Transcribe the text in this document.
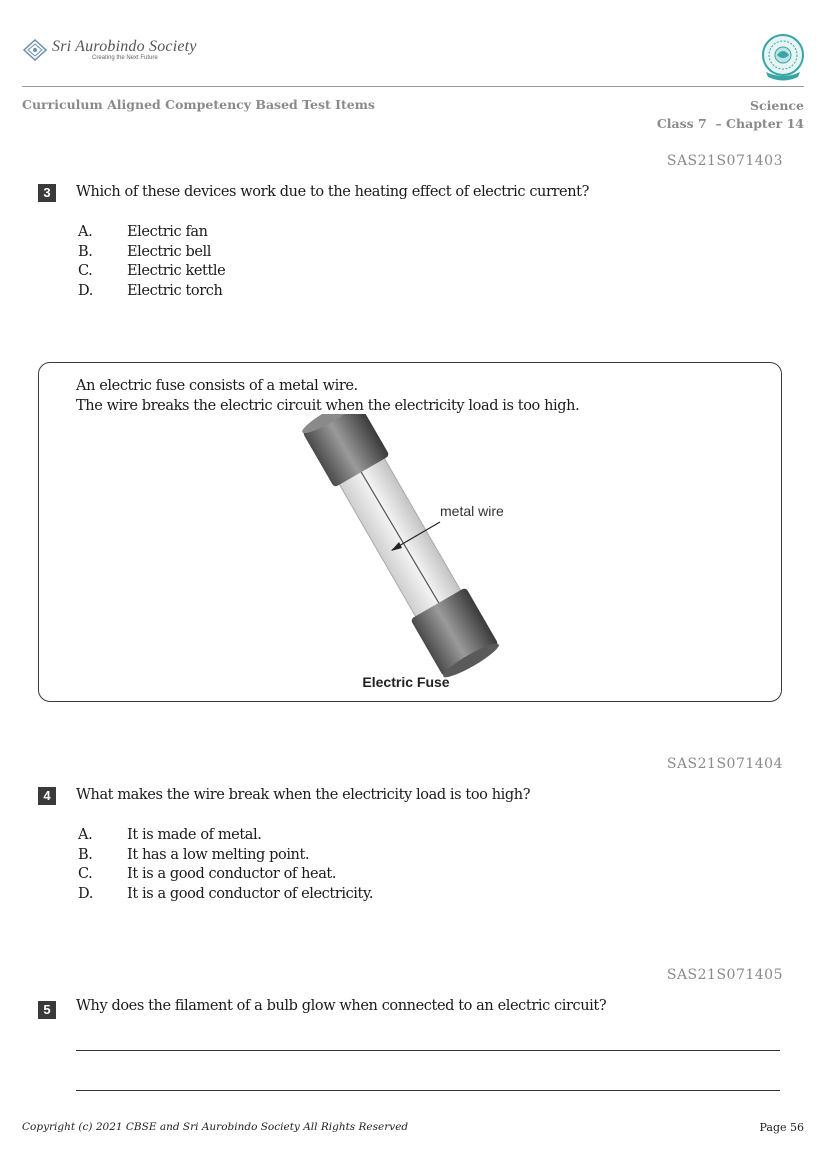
Sri Aurobindo Society
Creating the Next Future
Curriculum Aligned Competency Based Test Items	Science
Class 7  – Chapter 14
SAS21S071403
3	Which of these devices work due to the heating effect of electric current?
A. Electric fan
B. Electric bell
C. Electric kettle
D. Electric torch
An electric fuse consists of a metal wire.
The wire breaks the electric circuit when the electricity load is too high.
metal wire
Electric Fuse
SAS21S071404
4	What makes the wire break when the electricity load is too high?
A. It is made of metal.
B. It has a low melting point.
C. It is a good conductor of heat.
D. It is a good conductor of electricity.
SAS21S071405
5	Why does the filament of a bulb glow when connected to an electric circuit?
Copyright (c) 2021 CBSE and Sri Aurobindo Society All Rights Reserved	Page 56
